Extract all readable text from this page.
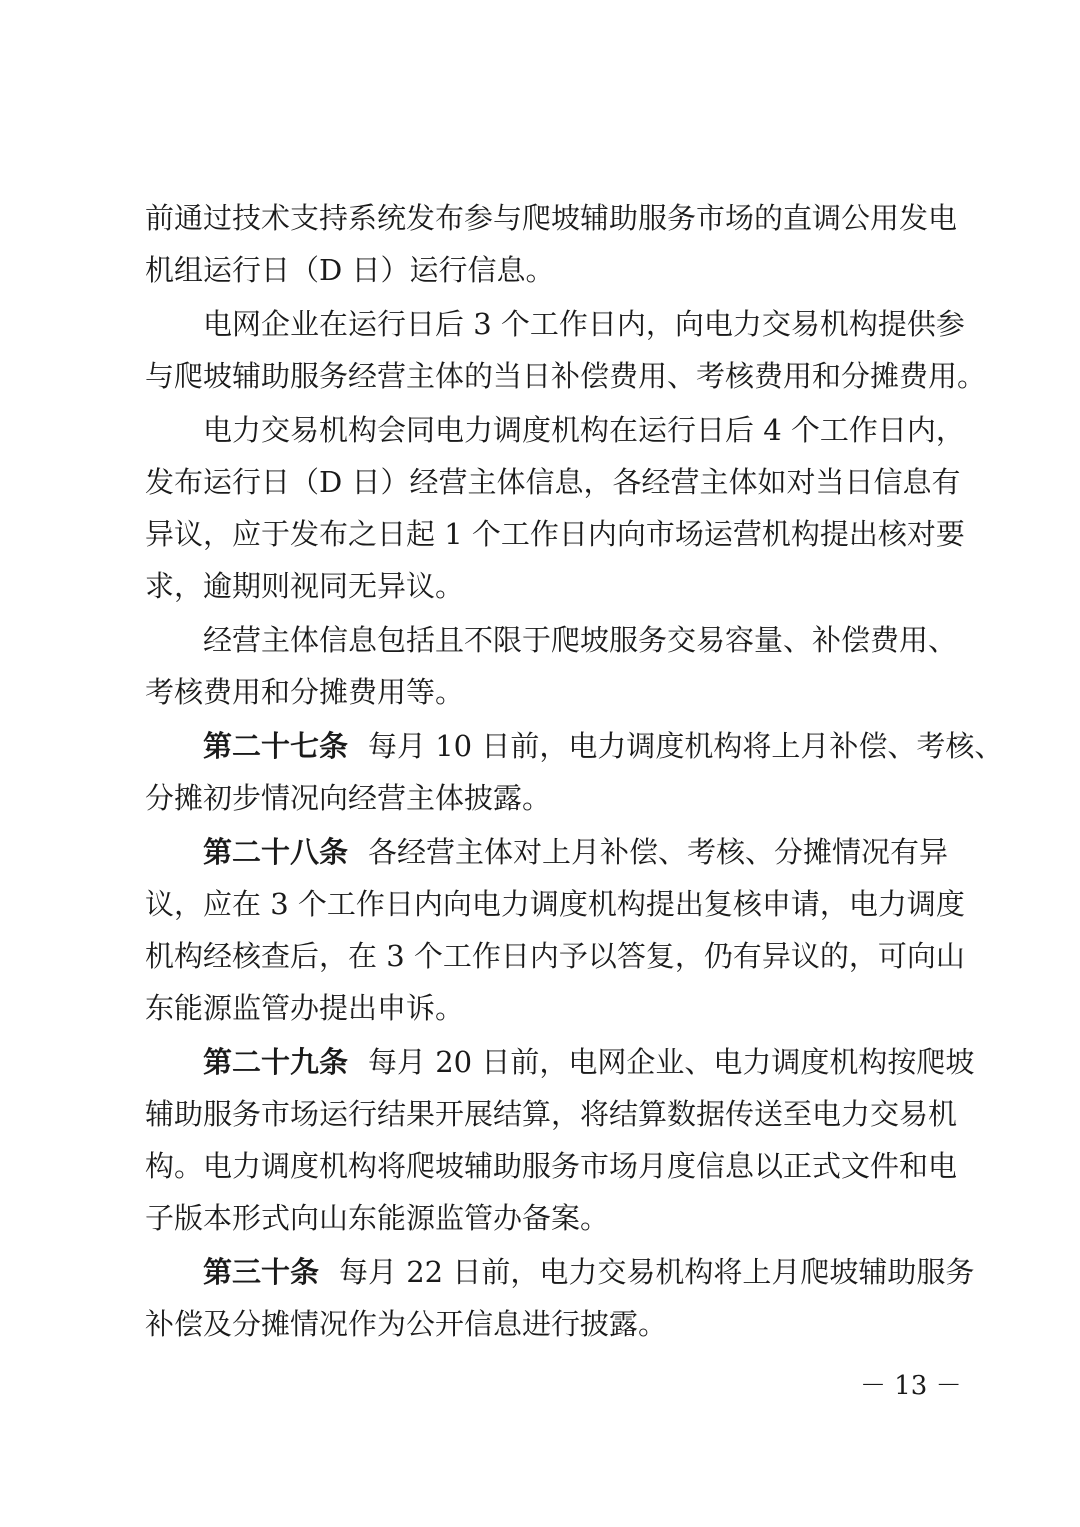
前通过技术支持系统发布参与爬坡辅助服务市场的直调公用发电
机组运行日（D 日）运行信息。
电网企业在运行日后 3 个工作日内，向电力交易机构提供参
与爬坡辅助服务经营主体的当日补偿费用、考核费用和分摊费用。
电力交易机构会同电力调度机构在运行日后 4 个工作日内，
发布运行日（D 日）经营主体信息，各经营主体如对当日信息有
异议，应于发布之日起 1 个工作日内向市场运营机构提出核对要
求，逾期则视同无异议。
经营主体信息包括且不限于爬坡服务交易容量、补偿费用、
考核费用和分摊费用等。
第二十七条 每月 10 日前，电力调度机构将上月补偿、考核、
分摊初步情况向经营主体披露。
第二十八条 各经营主体对上月补偿、考核、分摊情况有异
议，应在 3 个工作日内向电力调度机构提出复核申请，电力调度
机构经核查后，在 3 个工作日内予以答复，仍有异议的，可向山
东能源监管办提出申诉。
第二十九条 每月 20 日前，电网企业、电力调度机构按爬坡
辅助服务市场运行结果开展结算，将结算数据传送至电力交易机
构。电力调度机构将爬坡辅助服务市场月度信息以正式文件和电
子版本形式向山东能源监管办备案。
第三十条 每月 22 日前，电力交易机构将上月爬坡辅助服务
补偿及分摊情况作为公开信息进行披露。
－ 13 －
